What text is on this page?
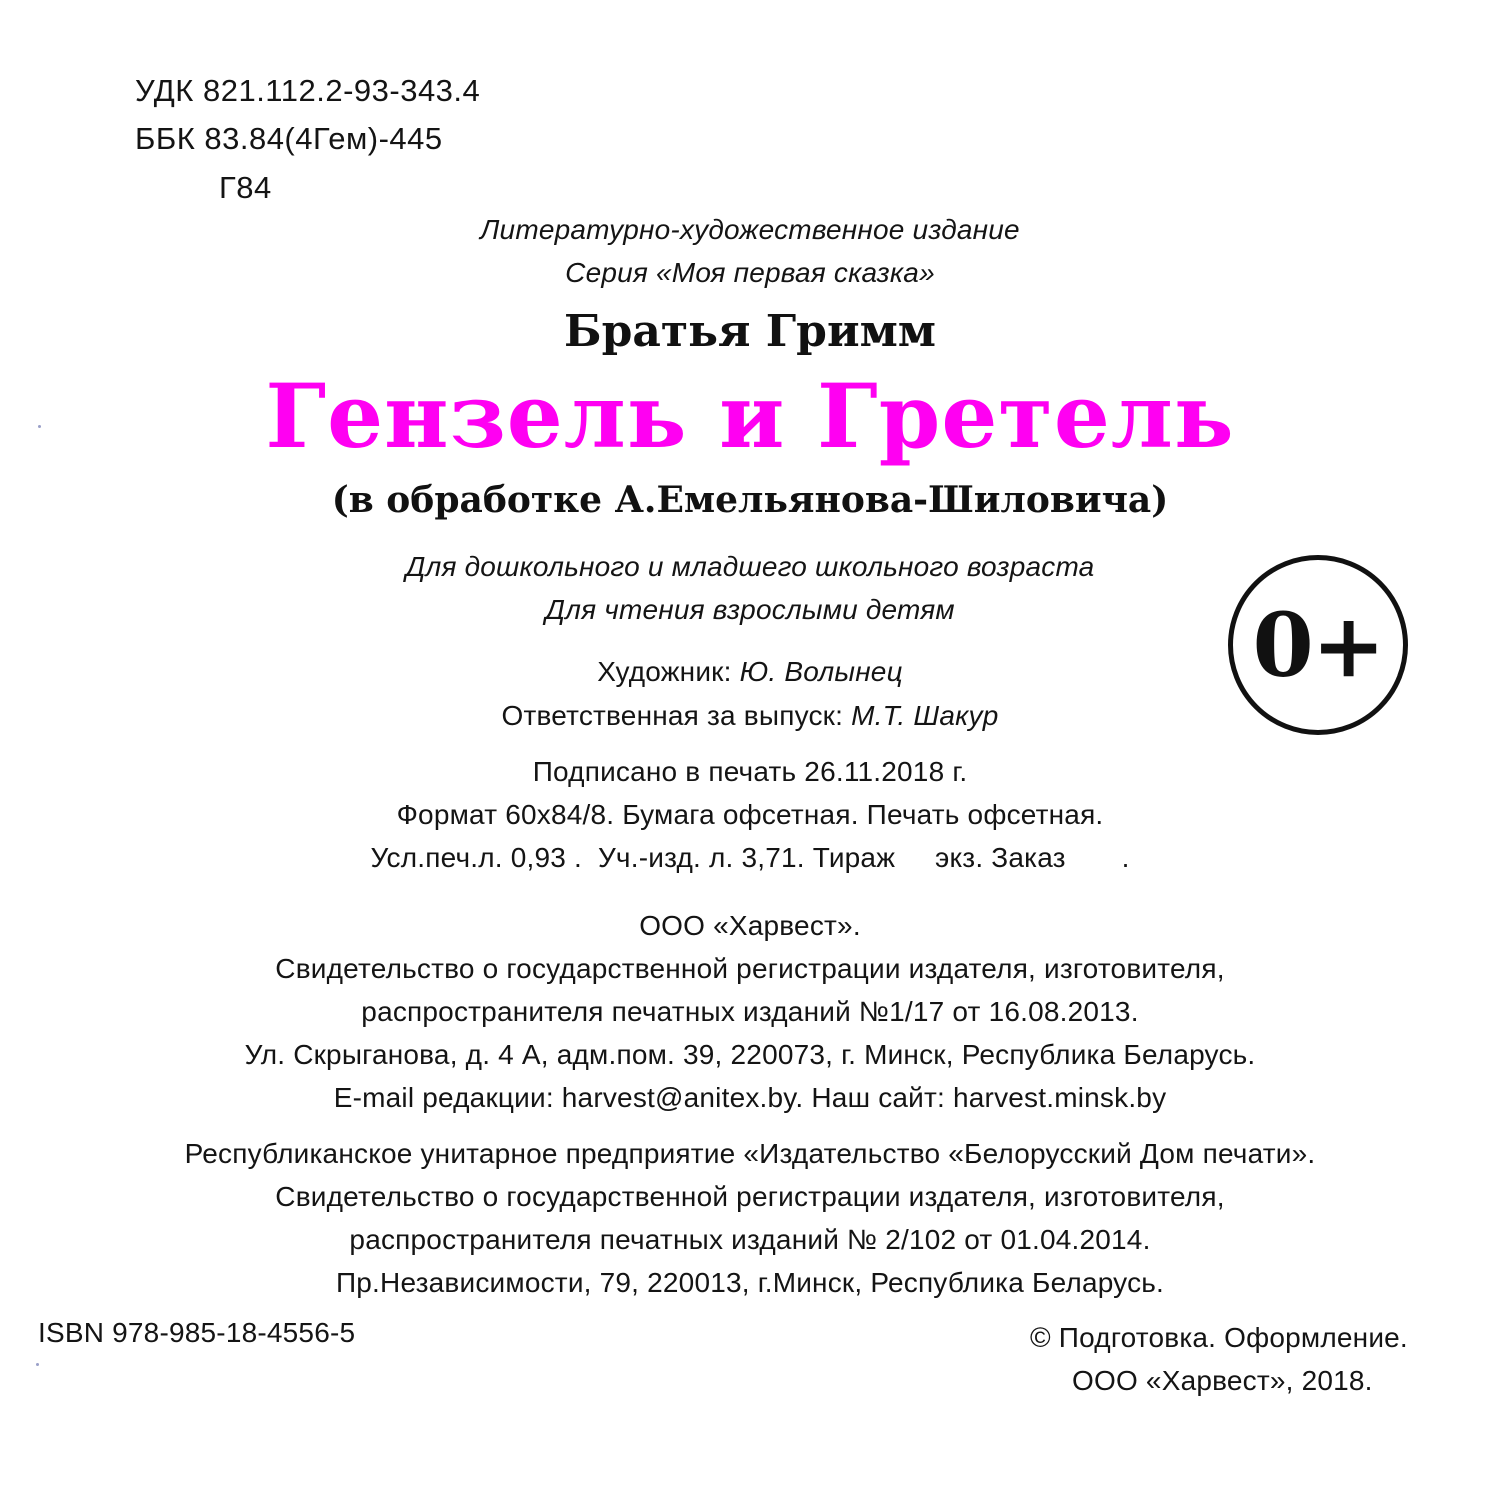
УДК 821.112.2-93-343.4
ББК 83.84(4Гем)-445
Г84
Литературно-художественное издание
Серия «Моя первая сказка»
Братья Гримм
Гензель и Гретель
(в обработке А.Емельянова-Шиловича)
Для дошкольного и младшего школьного возраста
Для чтения взрослыми детям	0+
Художник: Ю. Волынец
Ответственная за выпуск: М.Т. Шакур
Подписано в печать 26.11.2018 г.
Формат 60х84/8. Бумага офсетная. Печать офсетная.
Усл.печ.л. 0,93 .  Уч.-изд. л. 3,71. Тираж     экз. Заказ       .
ООО «Харвест».
Свидетельство о государственной регистрации издателя, изготовителя,
распространителя печатных изданий №1/17 от 16.08.2013.
Ул. Скрыганова, д. 4 А, адм.пом. 39, 220073, г. Минск, Республика Беларусь.
E-mail редакции: harvest@anitex.by. Наш сайт: harvest.minsk.by
Республиканское унитарное предприятие «Издательство «Белорусский Дом печати».
Свидетельство о государственной регистрации издателя, изготовителя,
распространителя печатных изданий № 2/102 от 01.04.2014.
Пр.Независимости, 79, 220013, г.Минск, Республика Беларусь.
ISBN 978-985-18-4556-5	© Подготовка. Оформление.
ООО «Харвест», 2018.
